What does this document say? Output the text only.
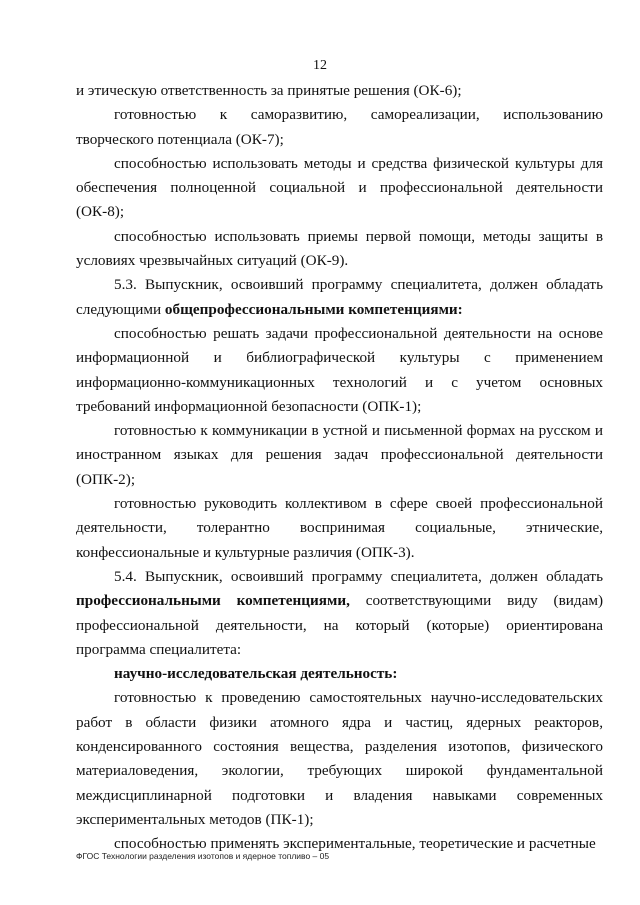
12

и этическую ответственность за принятые решения (ОК-6);

готовностью к саморазвитию, самореализации, использованию творческого потенциала (ОК-7);

способностью использовать методы и средства физической культуры для обеспечения полноценной социальной и профессиональной деятельности (ОК-8);

способностью использовать приемы первой помощи, методы защиты в условиях чрезвычайных ситуаций (ОК-9).

5.3. Выпускник, освоивший программу специалитета, должен обладать следующими общепрофессиональными компетенциями:

способностью решать задачи профессиональной деятельности на основе информационной и библиографической культуры с применением информационно-коммуникационных технологий и с учетом основных требований информационной безопасности (ОПК-1);

готовностью к коммуникации в устной и письменной формах на русском и иностранном языках для решения задач профессиональной деятельности (ОПК-2);

готовностью руководить коллективом в сфере своей профессиональной деятельности, толерантно воспринимая социальные, этнические, конфессиональные и культурные различия (ОПК-3).

5.4. Выпускник, освоивший программу специалитета, должен обладать профессиональными компетенциями, соответствующими виду (видам) профессиональной деятельности, на который (которые) ориентирована программа специалитета:

научно-исследовательская деятельность:

готовностью к проведению самостоятельных научно-исследовательских работ в области физики атомного ядра и частиц, ядерных реакторов, конденсированного состояния вещества, разделения изотопов, физического материаловедения, экологии, требующих широкой фундаментальной междисциплинарной подготовки и владения навыками современных экспериментальных методов (ПК-1);

способностью применять экспериментальные, теоретические и расчетные

ФГОС Технологии разделения изотопов и ядерное топливо – 05
